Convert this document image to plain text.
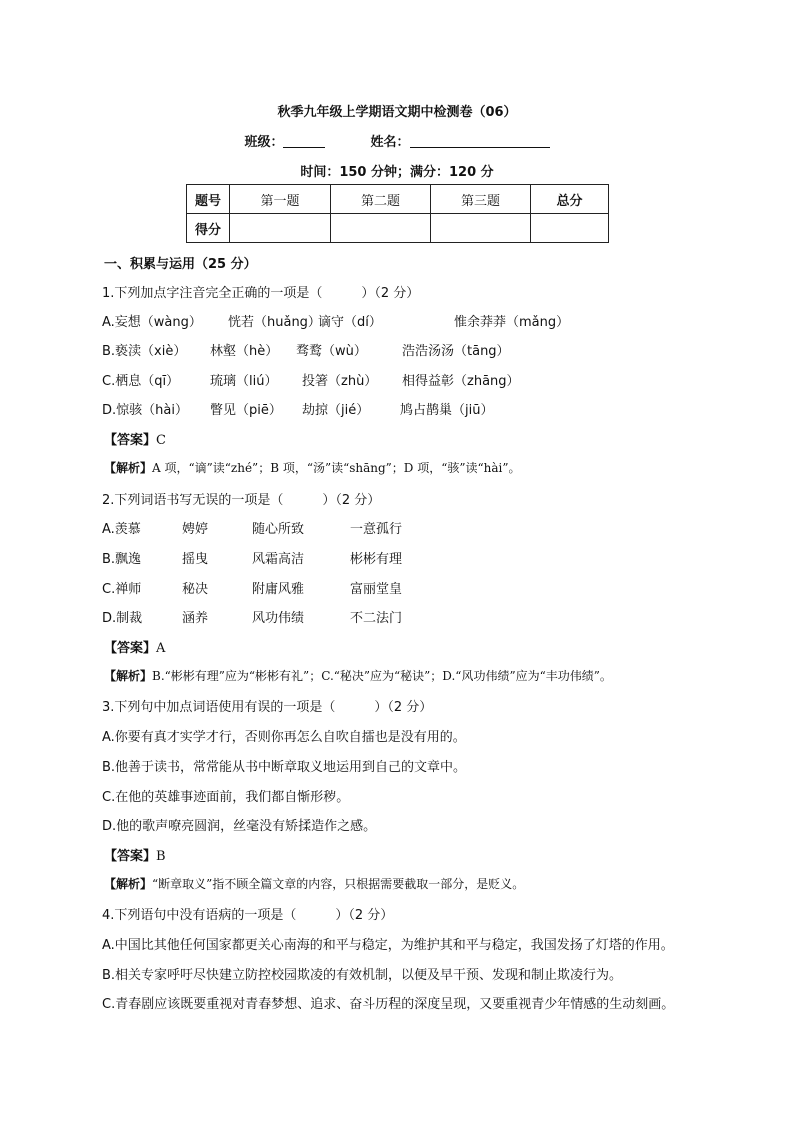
秋季九年级上学期语文期中检测卷（06）
班级：	姓名：
时间：150 分钟；满分：120 分
题号	第一题	第二题	第三题	总分
得分				
一、积累与运用（25 分）
1.下列加点字注音完全正确的一项是（　　　）（2 分）
A.妄想（wàng） 恍若（huǎng）谪守（dí）	惟余莽莽（mǎng）
B.亵渎（xiè） 林壑（hè） 骛鹜（wù）	浩浩汤汤（tāng）
C.栖息（qī） 琉璃（liú） 投箸（zhù） 相得益彰（zhāng）
D.惊骇（hài） 瞥见（piē） 劫掠（jié） 鸠占鹊巢（jiū）
【答案】C
【解析】A 项，“谪”读“zhé”；B 项，“汤”读“shāng”；D 项，“骇”读“hài”。
2.下列词语书写无误的一项是（　　　）（2 分）
A.羡慕	娉婷	随心所致	一意孤行
B.飘逸	摇曳	风霜高洁	彬彬有理
C.禅师	秘决	附庸风雅	富丽堂皇
D.制裁	涵养	风功伟绩	不二法门
【答案】A
【解析】B.“彬彬有理”应为“彬彬有礼”；C.“秘决”应为“秘诀”；D.“风功伟绩”应为“丰功伟绩”。
3.下列句中加点词语使用有误的一项是（　　　）（2 分）
A.你要有真才实学才行，否则你再怎么自吹自擂也是没有用的。
B.他善于读书，常常能从书中断章取义地运用到自己的文章中。
C.在他的英雄事迹面前，我们都自惭形秽。
D.他的歌声嘹亮圆润，丝毫没有矫揉造作之感。
【答案】B
【解析】“断章取义”指不顾全篇文章的内容，只根据需要截取一部分，是贬义。
4.下列语句中没有语病的一项是（　　　）（2 分）
A.中国比其他任何国家都更关心南海的和平与稳定，为维护其和平与稳定，我国发扬了灯塔的作用。
B.相关专家呼吁尽快建立防控校园欺凌的有效机制，以便及早干预、发现和制止欺凌行为。
C.青春剧应该既要重视对青春梦想、追求、奋斗历程的深度呈现，又要重视青少年情感的生动刻画。
